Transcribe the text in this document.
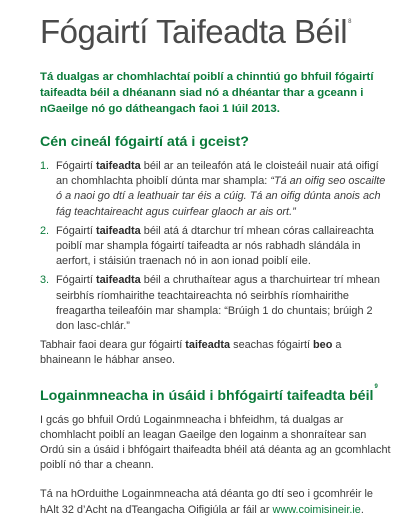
Fógairtí Taifeadta Béil$^8$

Tá dualgas ar chomhlachtaí poiblí a chinntiú go bhfuil fógairtí taifeadta béil a dhéanann siad nó a dhéantar thar a gceann i nGaeilge nó go dátheangach faoi 1 Iúil 2013.

Cén cineál fógairtí atá i gceist?
1. Fógairtí taifeadta béil ar an teileafón atá le cloisteáil nuair atá oifigí an chomhlachta phoiblí dúnta mar shampla: “Tá an oifig seo oscailte ó a naoi go dtí a leathuair tar éis a cúig. Tá an oifig dúnta anois ach fág teachtaireacht agus cuirfear glaoch ar ais ort.”
2. Fógairtí taifeadta béil atá á dtarchur trí mhean córas callaireachta poiblí mar shampla fógairtí taifeadta ar nós rabhadh slándála in aerfort, i stáisiún traenach nó in aon ionad poiblí eile.
3. Fógairtí taifeadta béil a chruthaítear agus a tharchuirtear trí mhean seirbhís ríomhairithe teachtaireachta nó seirbhís ríomhairithe freagartha teileafóin mar shampla: “Brúigh 1 do chuntais; brúigh 2 don lasc-chlár.”

Tabhair faoi deara gur fógairtí taifeadta seachas fógairtí beo a bhaineann le hábhar anseo.

Logainmneacha in úsáid i bhfógairtí taifeadta béil$^9$

I gcás go bhfuil Ordú Logainmneacha i bhfeidhm, tá dualgas ar chomhlacht poiblí an leagan Gaeilge den logainm a shonraítear san Ordú sin a úsáid i bhfógairt thaifeadta bhéil atá déanta ag an gcomhlacht poiblí nó thar a cheann.

Tá na hOrduithe Logainmneacha atá déanta go dtí seo i gcomhréir le hAlt 32 d’Acht na dTeangacha Oifigiúla ar fáil ar www.coimisineir.ie.
